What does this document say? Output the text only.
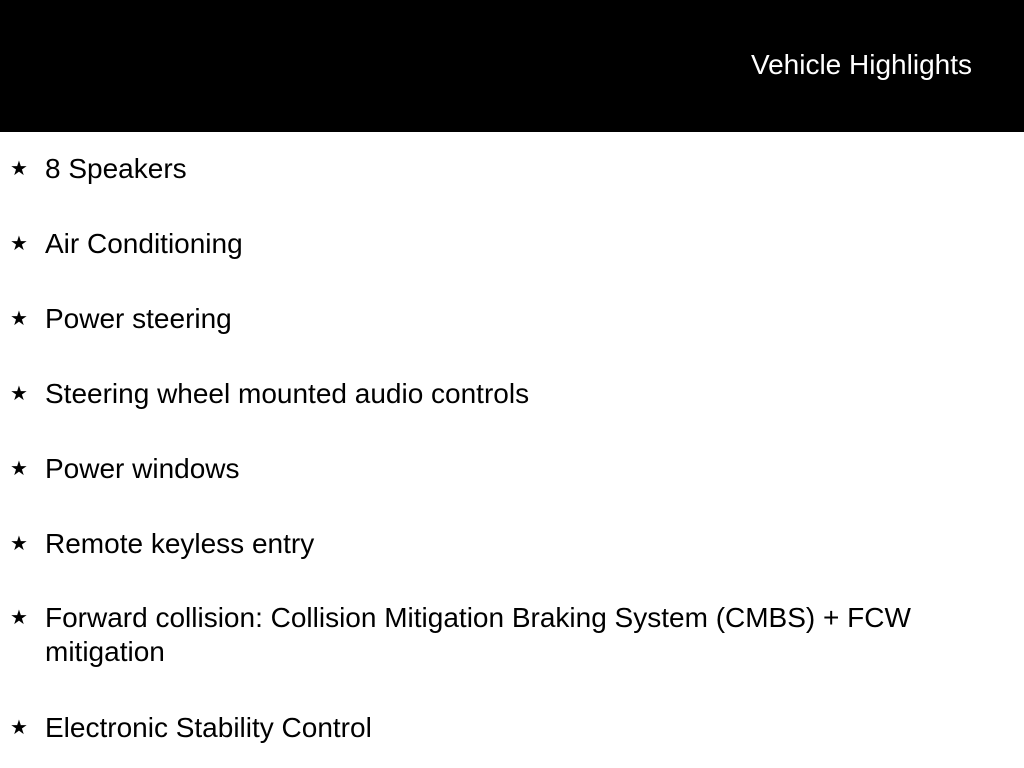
Vehicle Highlights
★ 8 Speakers
★ Air Conditioning
★ Power steering
★ Steering wheel mounted audio controls
★ Power windows
★ Remote keyless entry
★ Forward collision: Collision Mitigation Braking System (CMBS) + FCW mitigation
★ Electronic Stability Control
